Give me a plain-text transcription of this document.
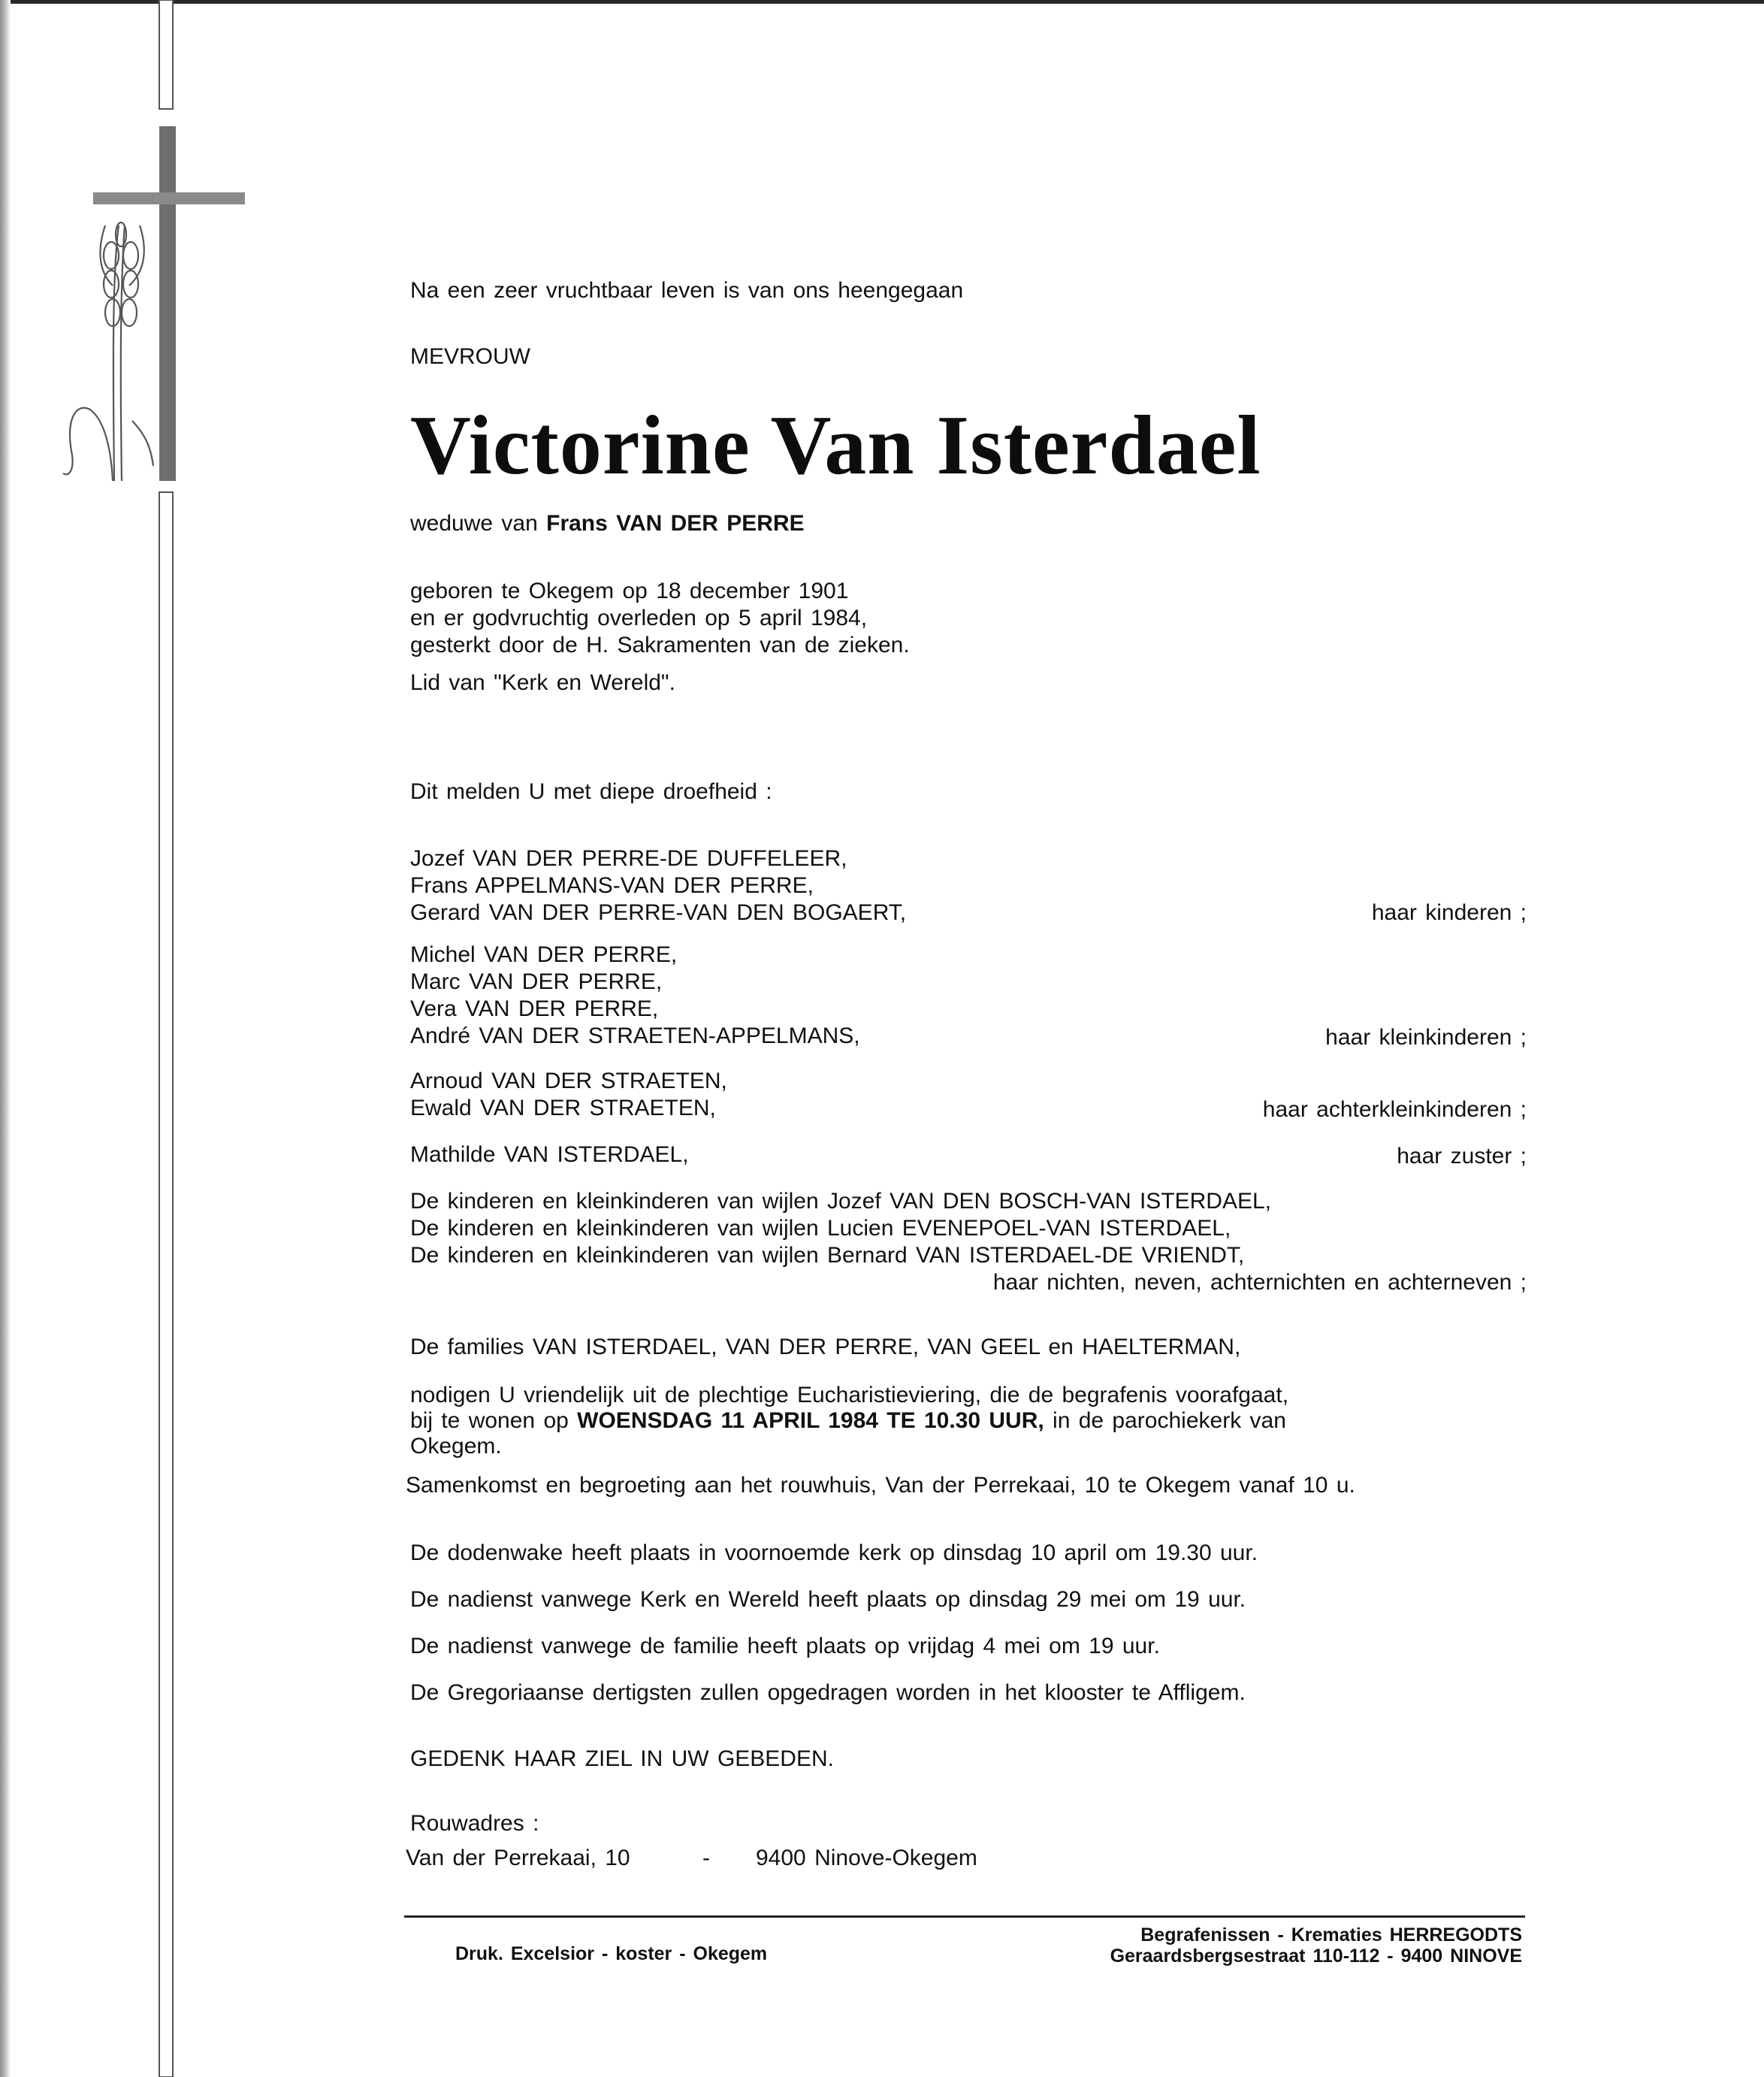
Na een zeer vruchtbaar leven is van ons heengegaan
MEVROUW
Victorine Van Isterdael
weduwe van Frans VAN DER PERRE
geboren te Okegem op 18 december 1901
en er godvruchtig overleden op 5 april 1984,
gesterkt door de H. Sakramenten van de zieken.
Lid van "Kerk en Wereld".
Dit melden U met diepe droefheid :
Jozef VAN DER PERRE-DE DUFFELEER,
Frans APPELMANS-VAN DER PERRE,
Gerard VAN DER PERRE-VAN DEN BOGAERT,	haar kinderen ;
Michel VAN DER PERRE,
Marc VAN DER PERRE,
Vera VAN DER PERRE,
André VAN DER STRAETEN-APPELMANS,	haar kleinkinderen ;
Arnoud VAN DER STRAETEN,
Ewald VAN DER STRAETEN,	haar achterkleinkinderen ;
Mathilde VAN ISTERDAEL,	haar zuster ;
De kinderen en kleinkinderen van wijlen Jozef VAN DEN BOSCH-VAN ISTERDAEL,
De kinderen en kleinkinderen van wijlen Lucien EVENEPOEL-VAN ISTERDAEL,
De kinderen en kleinkinderen van wijlen Bernard VAN ISTERDAEL-DE VRIENDT,
haar nichten, neven, achternichten en achterneven ;
De families VAN ISTERDAEL, VAN DER PERRE, VAN GEEL en HAELTERMAN,
nodigen U vriendelijk uit de plechtige Eucharistieviering, die de begrafenis voorafgaat,
bij te wonen op WOENSDAG 11 APRIL 1984 TE 10.30 UUR, in de parochiekerk van
Okegem.
Samenkomst en begroeting aan het rouwhuis, Van der Perrekaai, 10 te Okegem vanaf 10 u.
De dodenwake heeft plaats in voornoemde kerk op dinsdag 10 april om 19.30 uur.
De nadienst vanwege Kerk en Wereld heeft plaats op dinsdag 29 mei om 19 uur.
De nadienst vanwege de familie heeft plaats op vrijdag 4 mei om 19 uur.
De Gregoriaanse dertigsten zullen opgedragen worden in het klooster te Affligem.
GEDENK HAAR ZIEL IN UW GEBEDEN.
Rouwadres :
Van der Perrekaai, 10	- 9400 Ninove-Okegem
Druk. Excelsior - koster - Okegem
Begrafenissen - Krematies HERREGODTS
Geraardsbergsestraat 110-112 - 9400 NINOVE
